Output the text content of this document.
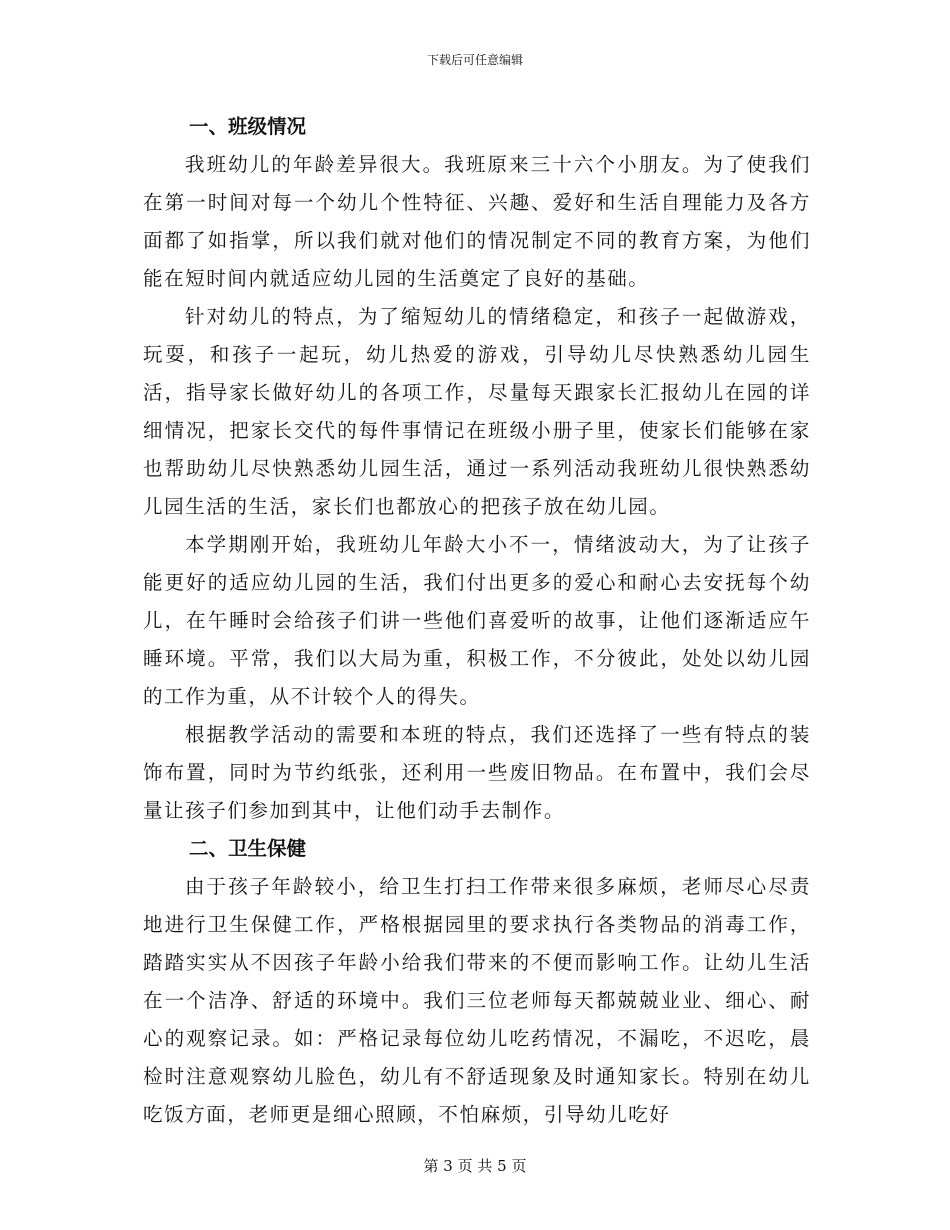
下载后可任意编辑
一、班级情况

我班幼儿的年龄差异很大。我班原来三十六个小朋友。为了使我们在第一时间对每一个幼儿个性特征、兴趣、爱好和生活自理能力及各方面都了如指掌，所以我们就对他们的情况制定不同的教育方案，为他们能在短时间内就适应幼儿园的生活奠定了良好的基础。

针对幼儿的特点，为了缩短幼儿的情绪稳定，和孩子一起做游戏，玩耍，和孩子一起玩，幼儿热爱的游戏，引导幼儿尽快熟悉幼儿园生活，指导家长做好幼儿的各项工作，尽量每天跟家长汇报幼儿在园的详细情况，把家长交代的每件事情记在班级小册子里，使家长们能够在家也帮助幼儿尽快熟悉幼儿园生活，通过一系列活动我班幼儿很快熟悉幼儿园生活的生活，家长们也都放心的把孩子放在幼儿园。

本学期刚开始，我班幼儿年龄大小不一，情绪波动大，为了让孩子能更好的适应幼儿园的生活，我们付出更多的爱心和耐心去安抚每个幼儿，在午睡时会给孩子们讲一些他们喜爱听的故事，让他们逐渐适应午睡环境。平常，我们以大局为重，积极工作，不分彼此，处处以幼儿园的工作为重，从不计较个人的得失。

根据教学活动的需要和本班的特点，我们还选择了一些有特点的装饰布置，同时为节约纸张，还利用一些废旧物品。在布置中，我们会尽量让孩子们参加到其中，让他们动手去制作。

二、卫生保健

由于孩子年龄较小，给卫生打扫工作带来很多麻烦，老师尽心尽责地进行卫生保健工作，严格根据园里的要求执行各类物品的消毒工作，踏踏实实从不因孩子年龄小给我们带来的不便而影响工作。让幼儿生活在一个洁净、舒适的环境中。我们三位老师每天都兢兢业业、细心、耐心的观察记录。如：严格记录每位幼儿吃药情况，不漏吃，不迟吃，晨检时注意观察幼儿脸色，幼儿有不舒适现象及时通知家长。特别在幼儿吃饭方面，老师更是细心照顾，不怕麻烦，引导幼儿吃好

第 3 页 共 5 页
